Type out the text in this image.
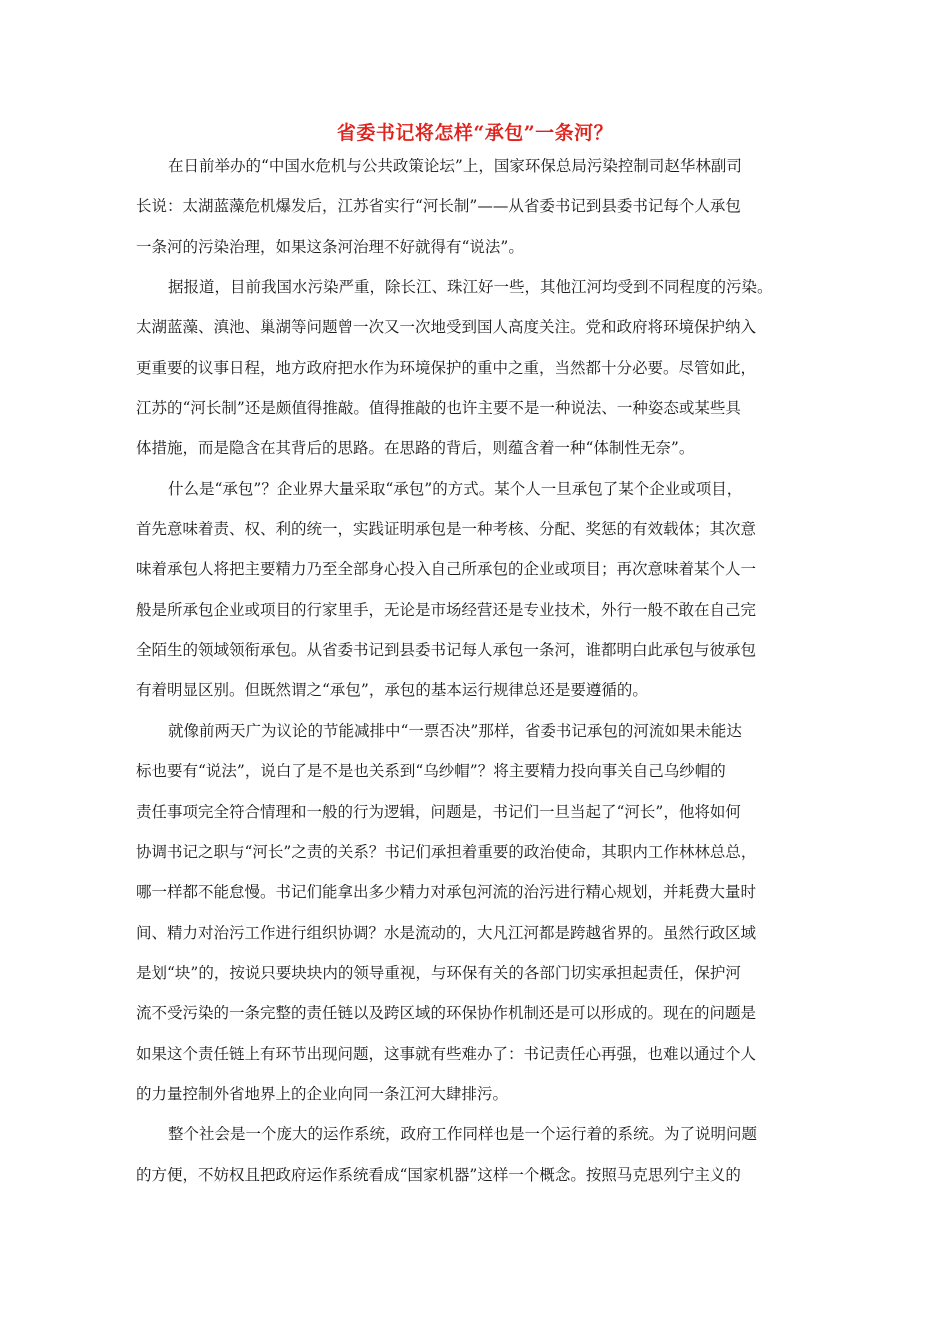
省委书记将怎样“承包”一条河？
在日前举办的“中国水危机与公共政策论坛”上，国家环保总局污染控制司赵华林副司
长说：太湖蓝藻危机爆发后，江苏省实行“河长制”——从省委书记到县委书记每个人承包
一条河的污染治理，如果这条河治理不好就得有“说法”。
据报道，目前我国水污染严重，除长江、珠江好一些，其他江河均受到不同程度的污染。
太湖蓝藻、滇池、巢湖等问题曾一次又一次地受到国人高度关注。党和政府将环境保护纳入
更重要的议事日程，地方政府把水作为环境保护的重中之重，当然都十分必要。尽管如此，
江苏的“河长制”还是颇值得推敲。值得推敲的也许主要不是一种说法、一种姿态或某些具
体措施，而是隐含在其背后的思路。在思路的背后，则蕴含着一种“体制性无奈”。
什么是“承包”？企业界大量采取“承包”的方式。某个人一旦承包了某个企业或项目，
首先意味着责、权、利的统一，实践证明承包是一种考核、分配、奖惩的有效载体；其次意
味着承包人将把主要精力乃至全部身心投入自己所承包的企业或项目；再次意味着某个人一
般是所承包企业或项目的行家里手，无论是市场经营还是专业技术，外行一般不敢在自己完
全陌生的领域领衔承包。从省委书记到县委书记每人承包一条河，谁都明白此承包与彼承包
有着明显区别。但既然谓之“承包”，承包的基本运行规律总还是要遵循的。
就像前两天广为议论的节能减排中“一票否决”那样，省委书记承包的河流如果未能达
标也要有“说法”，说白了是不是也关系到“乌纱帽”？将主要精力投向事关自己乌纱帽的
责任事项完全符合情理和一般的行为逻辑，问题是，书记们一旦当起了“河长”，他将如何
协调书记之职与“河长”之责的关系？书记们承担着重要的政治使命，其职内工作林林总总，
哪一样都不能怠慢。书记们能拿出多少精力对承包河流的治污进行精心规划，并耗费大量时
间、精力对治污工作进行组织协调？水是流动的，大凡江河都是跨越省界的。虽然行政区域
是划“块”的，按说只要块块内的领导重视，与环保有关的各部门切实承担起责任，保护河
流不受污染的一条完整的责任链以及跨区域的环保协作机制还是可以形成的。现在的问题是
如果这个责任链上有环节出现问题，这事就有些难办了：书记责任心再强，也难以通过个人
的力量控制外省地界上的企业向同一条江河大肆排污。
整个社会是一个庞大的运作系统，政府工作同样也是一个运行着的系统。为了说明问题
的方便，不妨权且把政府运作系统看成“国家机器”这样一个概念。按照马克思列宁主义的
